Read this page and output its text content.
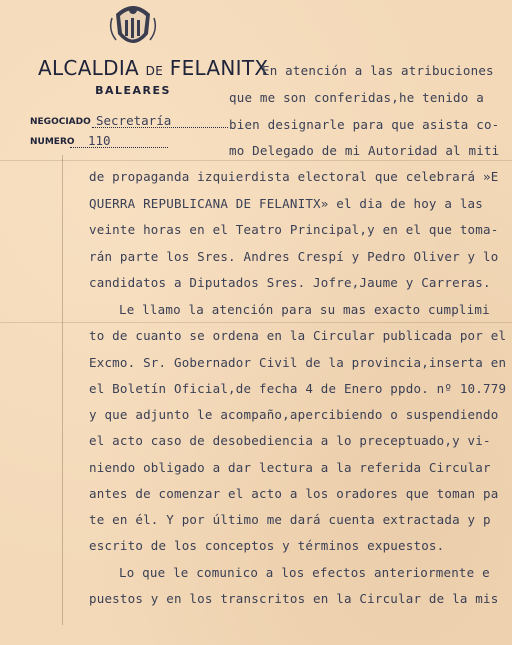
ALCALDIA DE FELANITX
BALEARES
NEGOCIADO Secretaría
NUMERO 110
En atención a las atribuciones
que me son conferidas,he tenido a
bien designarle para que asista co-
mo Delegado de mi Autoridad al miti
de propaganda izquierdista electoral que celebrará »E
QUERRA REPUBLICANA DE FELANITX» el dia de hoy a las
veinte horas en el Teatro Principal,y en el que toma-
rán parte los Sres. Andres Crespí y Pedro Oliver y lo
candidatos a Diputados Sres. Jofre,Jaume y Carreras.
Le llamo la atención para su mas exacto cumplimi
to de cuanto se ordena en la Circular publicada por el
Excmo. Sr. Gobernador Civil de la provincia,inserta en
el Boletín Oficial,de fecha 4 de Enero ppdo. nº 10.779
y que adjunto le acompaño,apercibiendo o suspendiendo
el acto caso de desobediencia a lo preceptuado,y vi-
niendo obligado a dar lectura a la referida Circular
antes de comenzar el acto a los oradores que toman pa
te en él. Y por último me dará cuenta extractada y p
escrito de los conceptos y términos expuestos.
Lo que le comunico a los efectos anteriormente e
puestos y en los transcritos en la Circular de la mis
